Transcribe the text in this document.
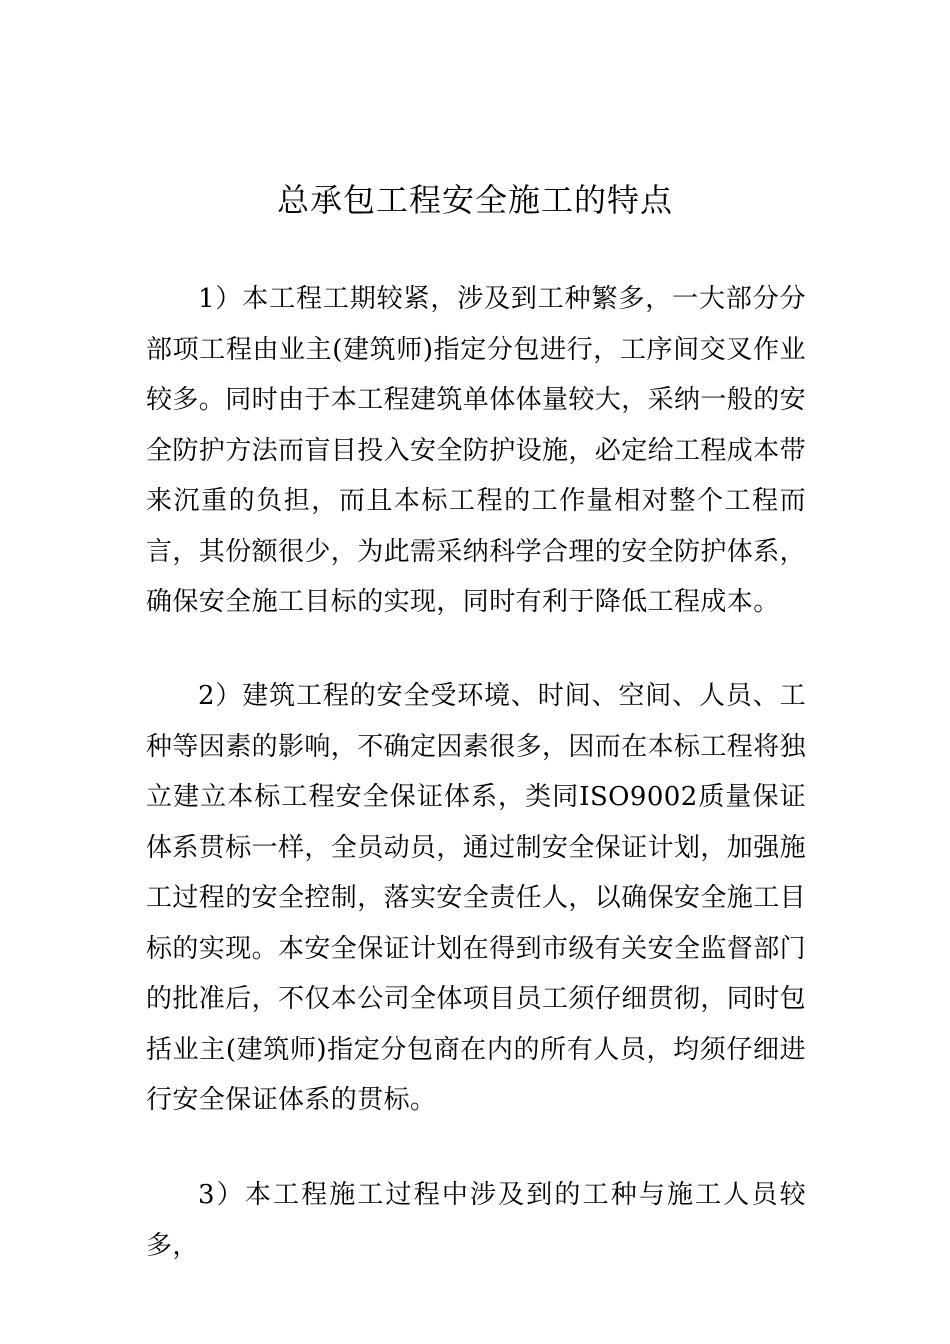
总承包工程安全施工的特点

1）本工程工期较紧，涉及到工种繁多，一大部分分部项工程由业主(建筑师)指定分包进行，工序间交叉作业较多。同时由于本工程建筑单体体量较大，采纳一般的安全防护方法而盲目投入安全防护设施，必定给工程成本带来沉重的负担，而且本标工程的工作量相对整个工程而言，其份额很少，为此需采纳科学合理的安全防护体系，确保安全施工目标的实现，同时有利于降低工程成本。

2）建筑工程的安全受环境、时间、空间、人员、工种等因素的影响，不确定因素很多，因而在本标工程将独立建立本标工程安全保证体系，类同ISO9002质量保证体系贯标一样，全员动员，通过制安全保证计划，加强施工过程的安全控制，落实安全责任人，以确保安全施工目标的实现。本安全保证计划在得到市级有关安全监督部门的批准后，不仅本公司全体项目员工须仔细贯彻，同时包括业主(建筑师)指定分包商在内的所有人员，均须仔细进行安全保证体系的贯标。

3）本工程施工过程中涉及到的工种与施工人员较多，
